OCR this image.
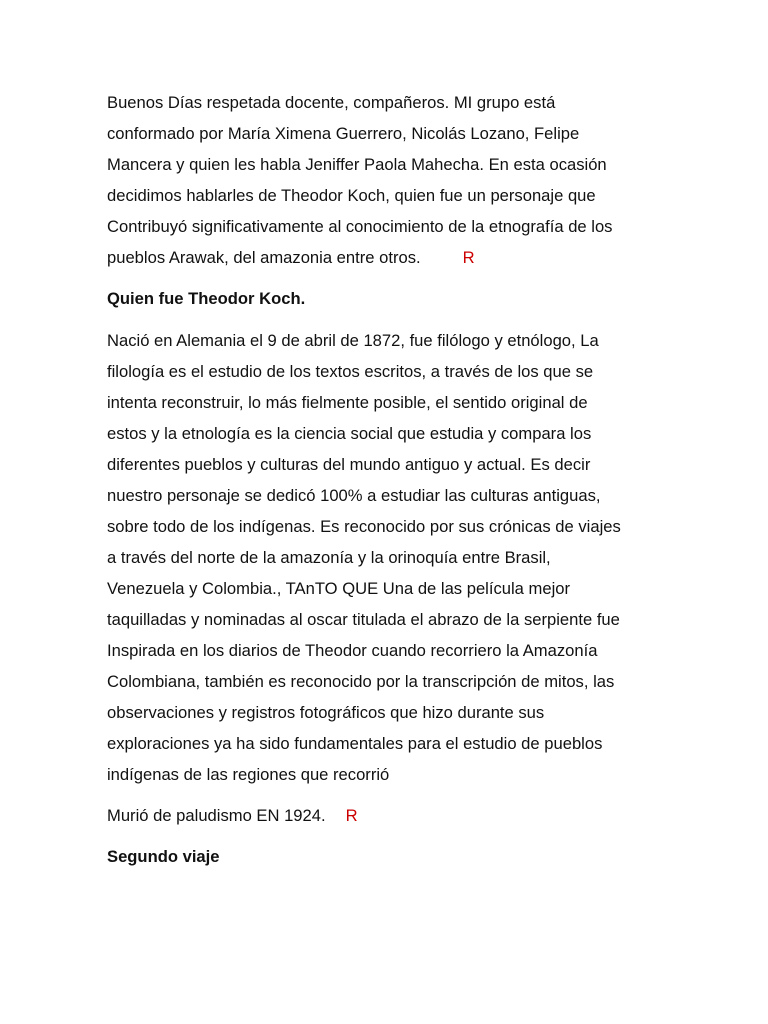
Buenos Días respetada docente, compañeros. MI grupo está
conformado por María Ximena Guerrero, Nicolás Lozano, Felipe
Mancera y quien les habla Jeniffer Paola Mahecha. En esta ocasión
decidimos hablarles de Theodor Koch, quien fue un personaje que
Contribuyó significativamente al conocimiento de la etnografía de los
pueblos Arawak, del amazonia entre otros.	R
Quien fue Theodor Koch.
Nació en Alemania el 9 de abril de 1872, fue filólogo y etnólogo, La
filología es el estudio de los textos escritos, a través de los que se
intenta reconstruir, lo más fielmente posible, el sentido original de
estos y la etnología es la ciencia social que estudia y compara los
diferentes pueblos y culturas del mundo antiguo y actual. Es decir
nuestro personaje se dedicó 100% a estudiar las culturas antiguas,
sobre todo de los indígenas. Es reconocido por sus crónicas de viajes
a través del norte de la amazonía y la orinoquía entre Brasil,
Venezuela y Colombia., TAnTO QUE Una de las película mejor
taquilladas y nominadas al oscar titulada el abrazo de la serpiente fue
Inspirada en los diarios de Theodor cuando recorriero la Amazonía
Colombiana, también es reconocido por la transcripción de mitos, las
observaciones y registros fotográficos que hizo durante sus
exploraciones ya ha sido fundamentales para el estudio de pueblos
indígenas de las regiones que recorrió
Murió de paludismo EN 1924. R
Segundo viaje
